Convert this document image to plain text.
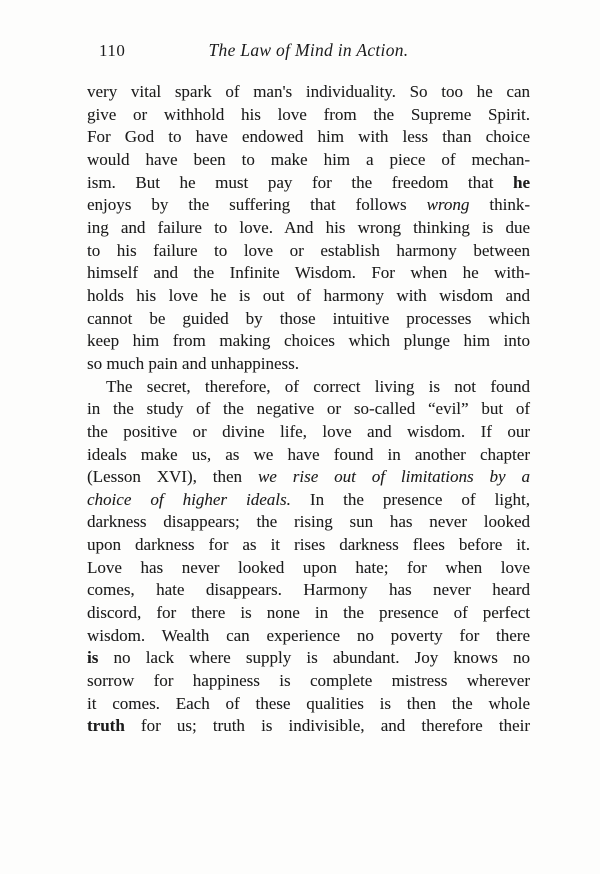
110	The Law of Mind in Action.
very vital spark of man's individuality. So too he can
give or withhold his love from the Supreme Spirit.
For God to have endowed him with less than choice
would have been to make him a piece of mechan-
ism. But he must pay for the freedom that he
enjoys by the suffering that follows wrong think-
ing and failure to love. And his wrong thinking is due
to his failure to love or establish harmony between
himself and the Infinite Wisdom. For when he with-
holds his love he is out of harmony with wisdom and
cannot be guided by those intuitive processes which
keep him from making choices which plunge him into
so much pain and unhappiness.
The secret, therefore, of correct living is not found
in the study of the negative or so-called “evil” but of
the positive or divine life, love and wisdom. If our
ideals make us, as we have found in another chapter
(Lesson XVI), then we rise out of limitations by a
choice of higher ideals. In the presence of light,
darkness disappears; the rising sun has never looked
upon darkness for as it rises darkness flees before it.
Love has never looked upon hate; for when love
comes, hate disappears. Harmony has never heard
discord, for there is none in the presence of perfect
wisdom. Wealth can experience no poverty for there
is no lack where supply is abundant. Joy knows no
sorrow for happiness is complete mistress wherever
it comes. Each of these qualities is then the whole
truth for us; truth is indivisible, and therefore their
